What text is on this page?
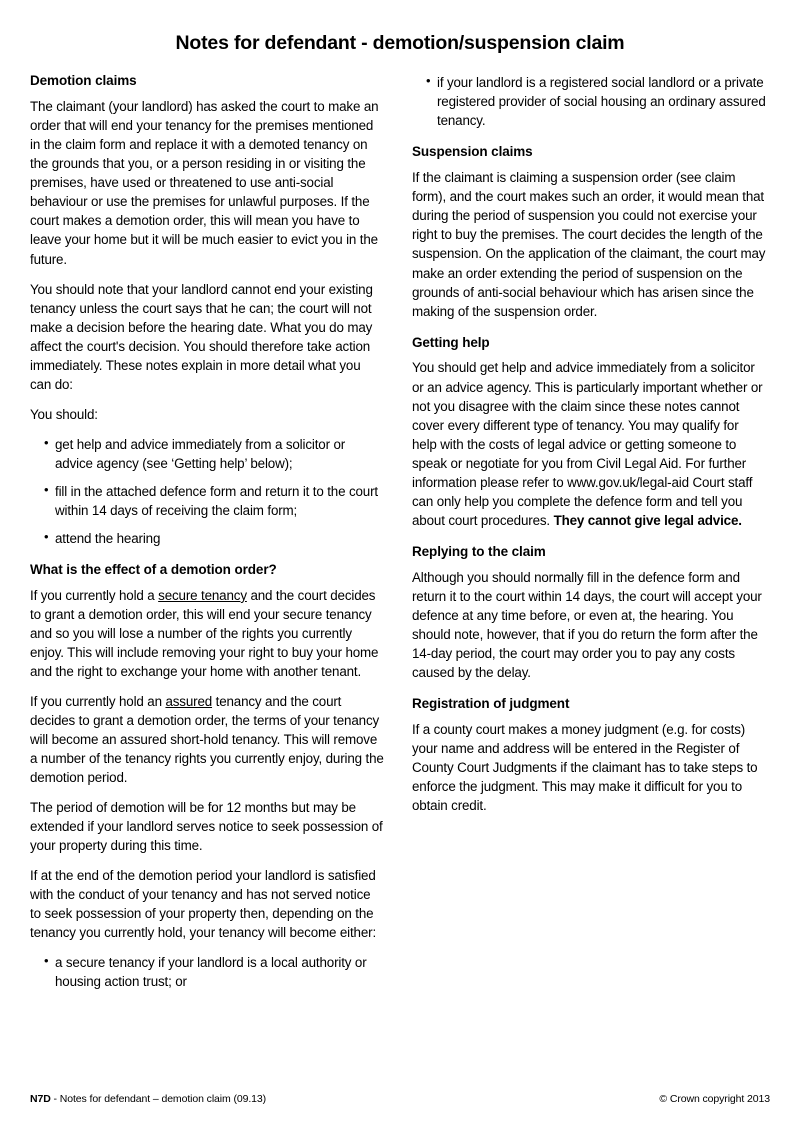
Notes for defendant - demotion/suspension claim
Demotion claims

The claimant (your landlord) has asked the court to make an order that will end your tenancy for the premises mentioned in the claim form and replace it with a demoted tenancy on the grounds that you, or a person residing in or visiting the premises, have used or threatened to use anti-social behaviour or use the premises for unlawful purposes. If the court makes a demotion order, this will mean you have to leave your home but it will be much easier to evict you in the future.

You should note that your landlord cannot end your existing tenancy unless the court says that he can; the court will not make a decision before the hearing date. What you do may affect the court's decision. You should therefore take action immediately. These notes explain in more detail what you can do:

You should:

• get help and advice immediately from a solicitor or advice agency (see ‘Getting help’ below);
• fill in the attached defence form and return it to the court within 14 days of receiving the claim form;
• attend the hearing
What is the effect of a demotion order?

If you currently hold a secure tenancy and the court decides to grant a demotion order, this will end your secure tenancy and so you will lose a number of the rights you currently enjoy. This will include removing your right to buy your home and the right to exchange your home with another tenant.

If you currently hold an assured tenancy and the court decides to grant a demotion order, the terms of your tenancy will become an assured short-hold tenancy. This will remove a number of the tenancy rights you currently enjoy, during the demotion period.

The period of demotion will be for 12 months but may be extended if your landlord serves notice to seek possession of your property during this time.

If at the end of the demotion period your landlord is satisfied with the conduct of your tenancy and has not served notice to seek possession of your property then, depending on the tenancy you currently hold, your tenancy will become either:

• a secure tenancy if your landlord is a local authority or housing action trust; or
• if your landlord is a registered social landlord or a private registered provider of social housing an ordinary assured tenancy.
Suspension claims

If the claimant is claiming a suspension order (see claim form), and the court makes such an order, it would mean that during the period of suspension you could not exercise your right to buy the premises. The court decides the length of the suspension. On the application of the claimant, the court may make an order extending the period of suspension on the grounds of anti-social behaviour which has arisen since the making of the suspension order.

Getting help

You should get help and advice immediately from a solicitor or an advice agency. This is particularly important whether or not you disagree with the claim since these notes cannot cover every different type of tenancy. You may qualify for help with the costs of legal advice or getting someone to speak or negotiate for you from Civil Legal Aid. For further information please refer to www.gov.uk/legal-aid Court staff can only help you complete the defence form and tell you about court procedures. They cannot give legal advice.

Replying to the claim

Although you should normally fill in the defence form and return it to the court within 14 days, the court will accept your defence at any time before, or even at, the hearing. You should note, however, that if you do return the form after the 14-day period, the court may order you to pay any costs caused by the delay.

Registration of judgment

If a county court makes a money judgment (e.g. for costs) your name and address will be entered in the Register of County Court Judgments if the claimant has to take steps to enforce the judgment. This may make it difficult for you to obtain credit.

N7D - Notes for defendant – demotion claim (09.13)	© Crown copyright 2013
